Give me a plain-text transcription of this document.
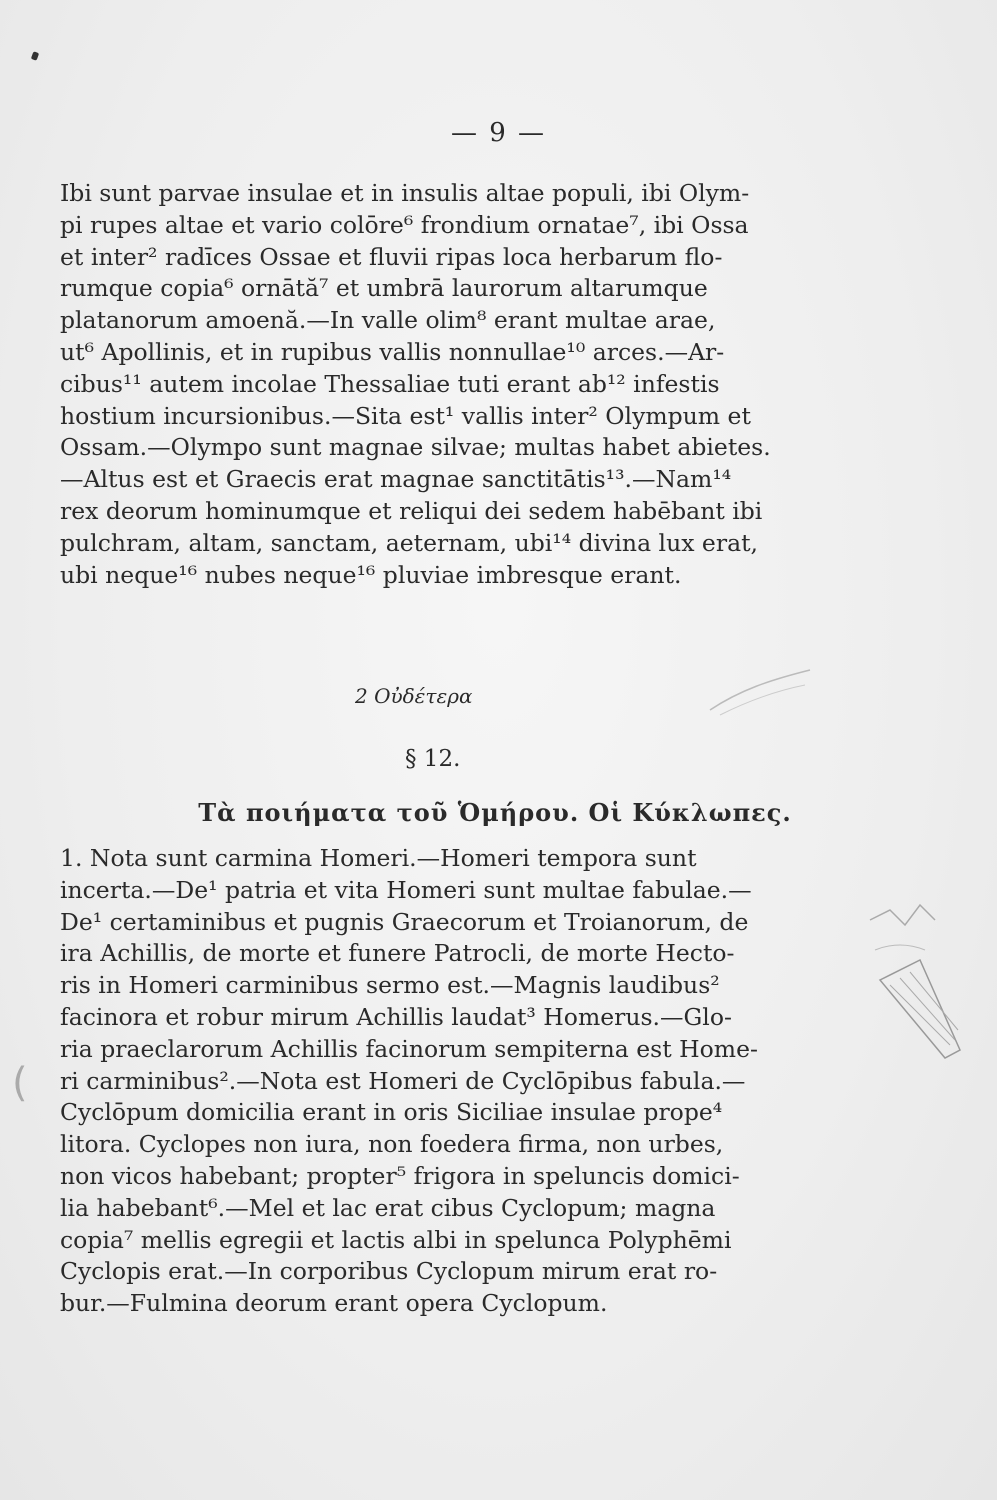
— 9 —
Ibi sunt parvae insulae et in insulis altae populi, ibi Olym-
pi rupes altae et vario colōre⁶ frondium ornatae⁷, ibi Ossa
et inter² radīces Ossae et fluvii ripas loca herbarum flo-
rumque copia⁶ ornātă⁷ et umbrā laurorum altarumque
platanorum amoenă.—In valle olim⁸ erant multae arae,
ut⁶ Apollinis, et in rupibus vallis nonnullae¹⁰ arces.—Ar-
cibus¹¹ autem incolae Thessaliae tuti erant ab¹² infestis
hostium incursionibus.—Sita est¹ vallis inter² Olympum et
Ossam.—Olympo sunt magnae silvae; multas habet abietes.
—Altus est et Graecis erat magnae sanctitātis¹³.—Nam¹⁴
rex deorum hominumque et reliqui dei sedem habēbant ibi
pulchram, altam, sanctam, aeternam, ubi¹⁴ divina lux erat,
ubi neque¹⁶ nubes neque¹⁶ pluviae imbresque erant.
2 Οὐδέτερα
§ 12.
Τὰ ποιήματα τοῦ Ὁμήρου. Οἱ Κύκλωπες.
1. Nota sunt carmina Homeri.—Homeri tempora sunt
incerta.—De¹ patria et vita Homeri sunt multae fabulae.—
De¹ certaminibus et pugnis Graecorum et Troianorum, de
ira Achillis, de morte et funere Patrocli, de morte Hecto-
ris in Homeri carminibus sermo est.—Magnis laudibus²
facinora et robur mirum Achillis laudat³ Homerus.—Glo-
ria praeclarorum Achillis facinorum sempiterna est Home-
ri carminibus².—Nota est Homeri de Cyclōpibus fabula.—
Cyclōpum domicilia erant in oris Siciliae insulae prope⁴
litora. Cyclopes non iura, non foedera firma, non urbes,
non vicos habebant; propter⁵ frigora in speluncis domici-
lia habebant⁶.—Mel et lac erat cibus Cyclopum; magna
copia⁷ mellis egregii et lactis albi in spelunca Polyphēmi
Cyclopis erat.—In corporibus Cyclopum mirum erat ro-
bur.—Fulmina deorum erant opera Cyclopum.
(
